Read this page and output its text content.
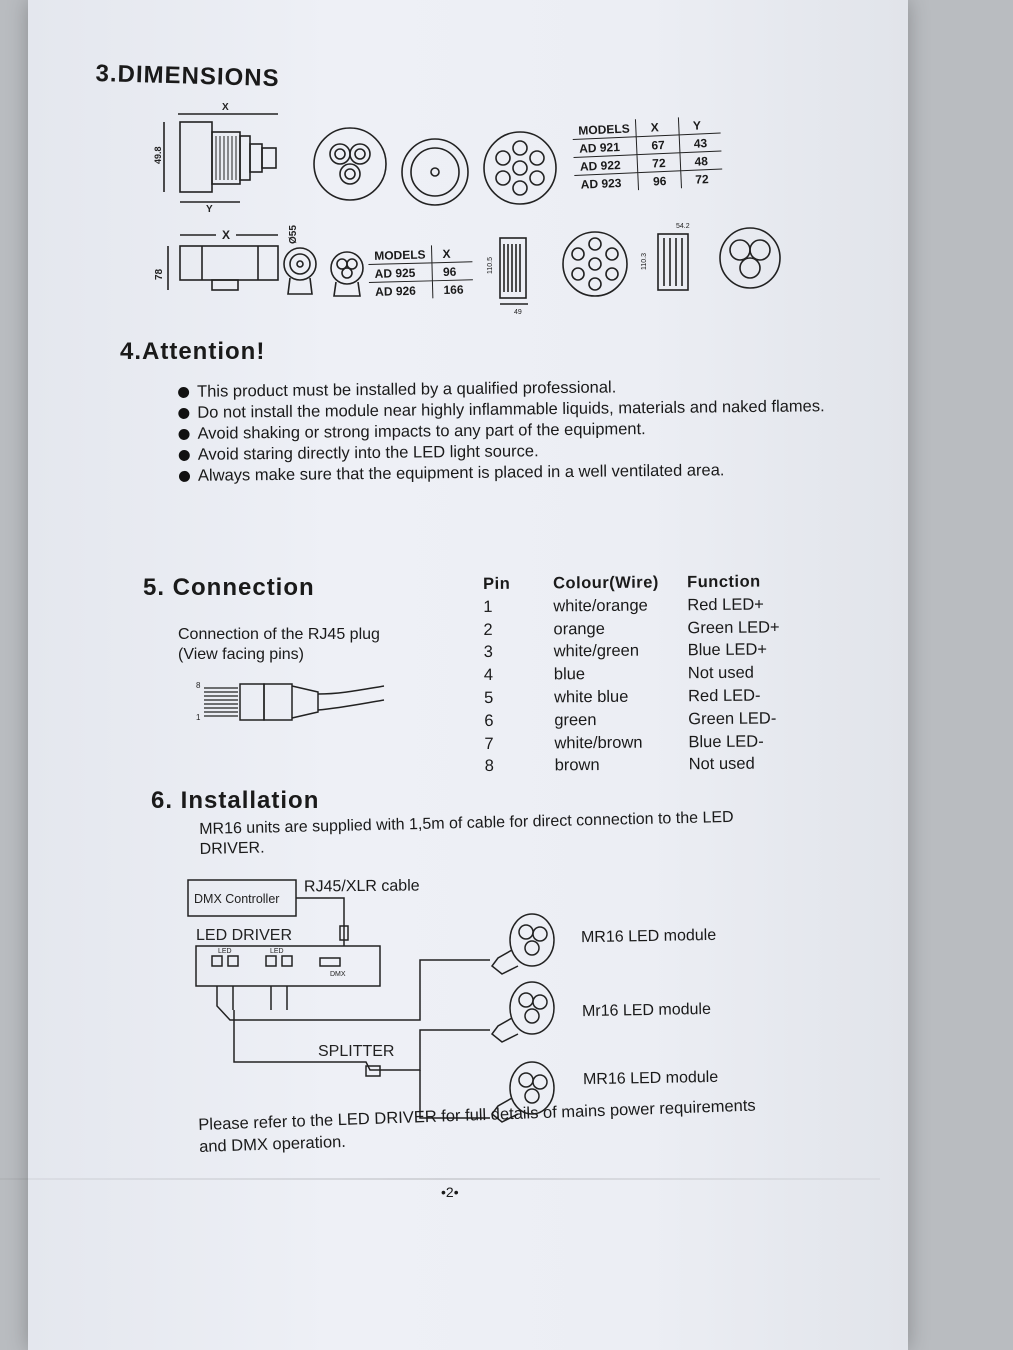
3.DIMENSIONS
X
49.8
Y
X
78
Ø55
110.5
49
110.3
54.2
MODELS	X	Y
AD 921	67	43
AD 922	72	48
AD 923	96	72
MODELS	X
AD 925	96
AD 926	166
4.Attention!
This product must be installed by a qualified professional.
Do not install the module near highly inflammable liquids, materials and naked flames.
Avoid shaking or strong impacts to any part of the equipment.
Avoid staring directly into the LED light source.
Always make sure that the equipment is placed in a well ventilated area.
5. Connection
Connection of the RJ45 plug
(View facing pins)
8
1
Pin	Colour(Wire)	Function
1	white/orange	Red LED+
2	orange	Green LED+
3	white/green	Blue LED+
4	blue	Not used
5	white blue	Red LED-
6	green	Green LED-
7	white/brown	Blue LED-
8	brown	Not used
6. Installation
MR16 units are supplied with 1,5m of cable for direct connection to the LED
DRIVER.
DMX Controller
LED DRIVER
LED	LED
DMX
SPLITTER
RJ45/XLR cable
MR16 LED module
Mr16 LED module
MR16 LED module
Please refer to the LED DRIVER for full details of mains power requirements
and DMX operation.
•2•
